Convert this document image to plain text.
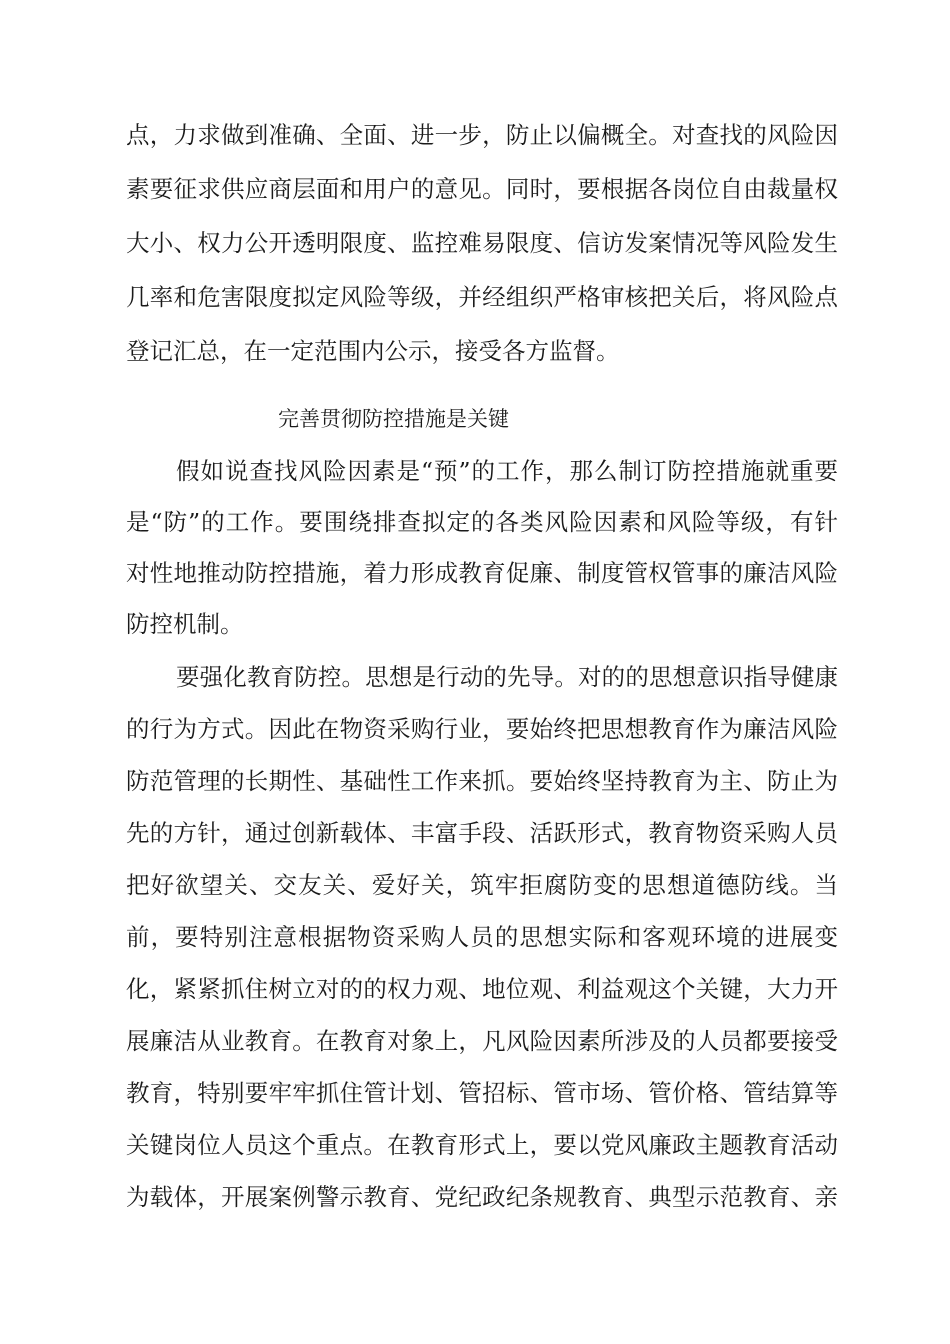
点，力求做到准确、全面、进一步，防止以偏概全。对查找的风险因
素要征求供应商层面和用户的意见。同时，要根据各岗位自由裁量权
大小、权力公开透明限度、监控难易限度、信访发案情况等风险发生
几率和危害限度拟定风险等级，并经组织严格审核把关后，将风险点
登记汇总，在一定范围内公示，接受各方监督。
完善贯彻防控措施是关键
假如说查找风险因素是“预”的工作，那么制订防控措施就重要
是“防”的工作。要围绕排查拟定的各类风险因素和风险等级，有针
对性地推动防控措施，着力形成教育促廉、制度管权管事的廉洁风险
防控机制。
要强化教育防控。思想是行动的先导。对的的思想意识指导健康
的行为方式。因此在物资采购行业，要始终把思想教育作为廉洁风险
防范管理的长期性、基础性工作来抓。要始终坚持教育为主、防止为
先的方针，通过创新载体、丰富手段、活跃形式，教育物资采购人员
把好欲望关、交友关、爱好关，筑牢拒腐防变的思想道德防线。当
前，要特别注意根据物资采购人员的思想实际和客观环境的进展变
化，紧紧抓住树立对的的权力观、地位观、利益观这个关键，大力开
展廉洁从业教育。在教育对象上，凡风险因素所涉及的人员都要接受
教育，特别要牢牢抓住管计划、管招标、管市场、管价格、管结算等
关键岗位人员这个重点。在教育形式上，要以党风廉政主题教育活动
为载体，开展案例警示教育、党纪政纪条规教育、典型示范教育、亲
